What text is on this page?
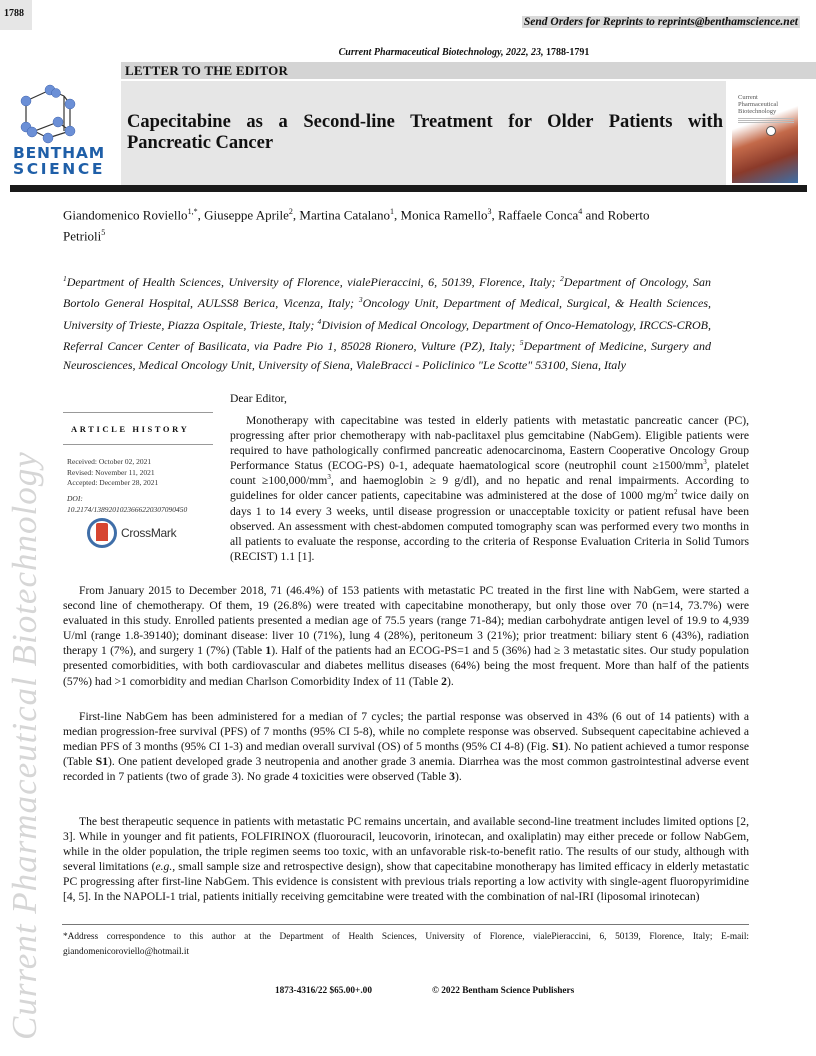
1788
Send Orders for Reprints to reprints@benthamscience.net
Current Pharmaceutical Biotechnology, 2022, 23, 1788-1791
LETTER TO THE EDITOR
BENTHAM
SCIENCE
Capecitabine as a Second-line Treatment for Older Patients with Pancreatic Cancer
Current
Pharmaceutical
Biotechnology
Giandomenico Roviello$^{1,*}$, Giuseppe Aprile$^2$, Martina Catalano$^1$, Monica Ramello$^3$, Raffaele Conca$^4$ and Roberto Petrioli$^5$
$^1$Department of Health Sciences, University of Florence, vialePieraccini, 6, 50139, Florence, Italy; $^2$Department of Oncology, San Bortolo General Hospital, AULSS8 Berica, Vicenza, Italy; $^3$Oncology Unit, Department of Medical, Surgical, & Health Sciences, University of Trieste, Piazza Ospitale, Trieste, Italy; $^4$Division of Medical Oncology, Department of Onco-Hematology, IRCCS-CROB, Referral Cancer Center of Basilicata, via Padre Pio 1, 85028 Rionero, Vulture (PZ), Italy; $^5$Department of Medicine, Surgery and Neurosciences, Medical Oncology Unit, University of Siena, VialeBracci - Policlinico "Le Scotte" 53100, Siena, Italy
Current Pharmaceutical Biotechnology
ARTICLE HISTORY
Received: October 02, 2021
Revised: November 11, 2021
Accepted: December 28, 2021
DOI:
10.2174/1389201023666220307090450
CrossMark
Dear Editor,
Monotherapy with capecitabine was tested in elderly patients with metastatic pancreatic cancer (PC), progressing after prior chemotherapy with nab-paclitaxel plus gemcitabine (NabGem). Eligible patients were required to have pathologically confirmed pancreatic adenocarcinoma, Eastern Cooperative Oncology Group Performance Status (ECOG-PS) 0-1, adequate haematological score (neutrophil count $\ge 1500/mm^3$, platelet count $\ge 100,000/mm^3$, and haemoglobin ≥ 9 g/dl), and no hepatic and renal impairments. According to guidelines for older cancer patients, capecitabine was administered at the dose of 1000 $mg/m^2$ twice daily on days 1 to 14 every 3 weeks, until disease progression or unacceptable toxicity or patient refusal have been observed. An assessment with chest-abdomen computed tomography scan was performed every two months in all patients to evaluate the response, according to the criteria of Response Evaluation Criteria in Solid Tumors (RECIST) 1.1 [1].
From January 2015 to December 2018, 71 (46.4%) of 153 patients with metastatic PC treated in the first line with NabGem, were started a second line of chemotherapy. Of them, 19 (26.8%) were treated with capecitabine monotherapy, but only those over 70 (n=14, 73.7%) were evaluated in this study. Enrolled patients presented a median age of 75.5 years (range 71-84); median carbohydrate antigen level of 19.9 to 4,939 U/ml (range 1.8-39140); dominant disease: liver 10 (71%), lung 4 (28%), peritoneum 3 (21%); prior treatment: biliary stent 6 (43%), radiation therapy 1 (7%), and surgery 1 (7%) (Table 1). Half of the patients had an ECOG-PS=1 and 5 (36%) had ≥ 3 metastatic sites. Our study population presented comorbidities, with both cardiovascular and diabetes mellitus diseases (64%) being the most frequent. More than half of the patients (57%) had >1 comorbidity and median Charlson Comorbidity Index of 11 (Table 2).
First-line NabGem has been administered for a median of 7 cycles; the partial response was observed in 43% (6 out of 14 patients) with a median progression-free survival (PFS) of 7 months (95% CI 5-8), while no complete response was observed. Subsequent capecitabine achieved a median PFS of 3 months (95% CI 1-3) and median overall survival (OS) of 5 months (95% CI 4-8) (Fig. S1). No patient achieved a tumor response (Table S1). One patient developed grade 3 neutropenia and another grade 3 anemia. Diarrhea was the most common gastrointestinal adverse event recorded in 7 patients (two of grade 3). No grade 4 toxicities were observed (Table 3).
The best therapeutic sequence in patients with metastatic PC remains uncertain, and available second-line treatment includes limited options [2, 3]. While in younger and fit patients, FOLFIRINOX (fluorouracil, leucovorin, irinotecan, and oxaliplatin) may either precede or follow NabGem, while in the older population, the triple regimen seems too toxic, with an unfavorable risk-to-benefit ratio. The results of our study, although with several limitations (e.g., small sample size and retrospective design), show that capecitabine monotherapy has limited efficacy in elderly metastatic PC progressing after first-line NabGem. This evidence is consistent with previous trials reporting a low activity with single-agent fluoropyrimidine [4, 5]. In the NAPOLI-1 trial, patients initially receiving gemcitabine were treated with the combination of nal-IRI (liposomal irinotecan)
*Address correspondence to this author at the Department of Health Sciences, University of Florence, vialePieraccini, 6, 50139, Florence, Italy; E-mail: giandomenicoroviello@hotmail.it
1873-4316/22 $65.00+.00	© 2022 Bentham Science Publishers
